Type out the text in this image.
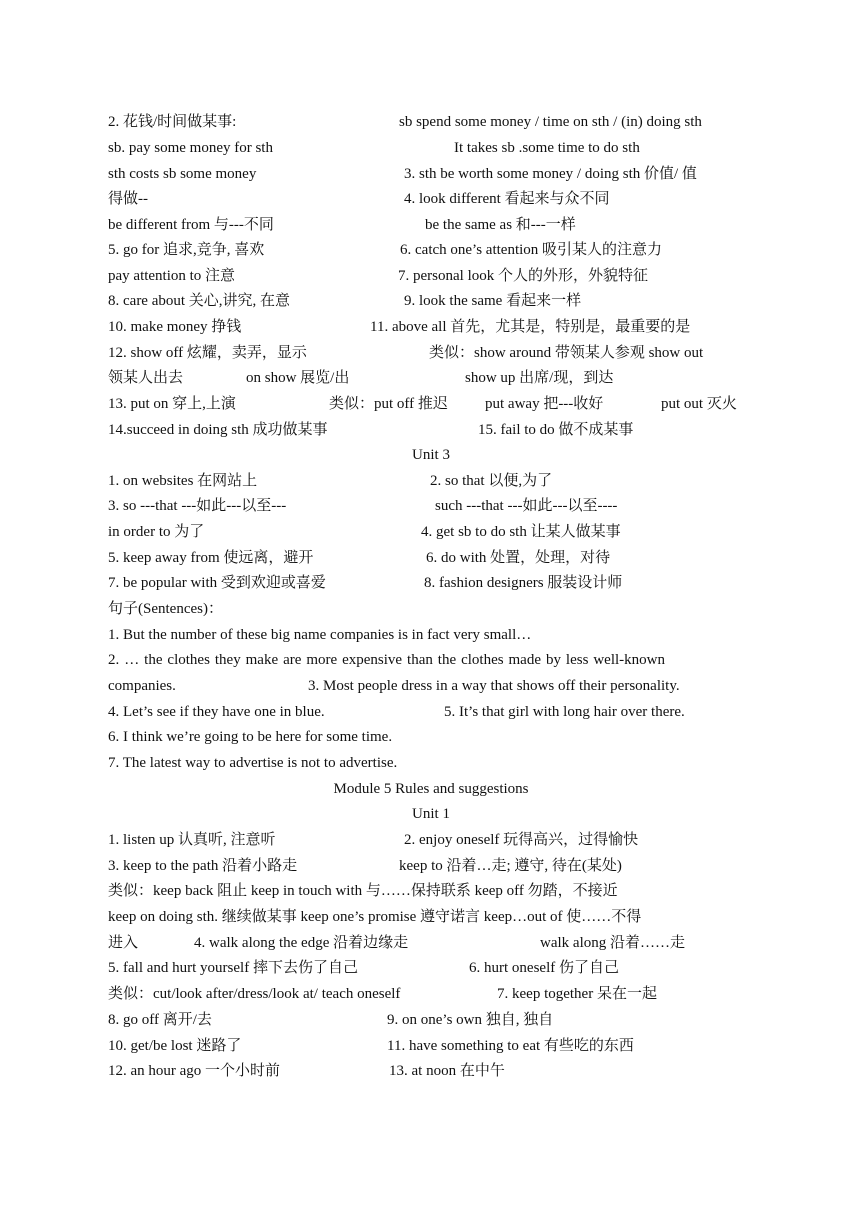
2. 花钱/时间做某事:	sb spend some money / time on sth / (in) doing sth
sb. pay some money for sth	It takes sb .some time to do sth
sth costs sb some money	3. sth be worth some money / doing sth 价值/ 值
得做--	4. look different 看起来与众不同
be different from 与---不同	be the same as 和---一样
5. go for 追求,竞争, 喜欢	6. catch one’s attention 吸引某人的注意力
pay attention to 注意	7. personal look 个人的外形，外貌特征
8. care about 关心,讲究, 在意	9. look the same 看起来一样
10. make money 挣钱	11. above all 首先，尤其是，特别是，最重要的是
12. show off 炫耀，卖弄，显示	类似：show around 带领某人参观 show out
领某人出去	on show 展览/出	show up 出席/现，到达
13. put on 穿上,上演	类似：put off 推迟 put away 把---收好	put out 灭火
14.succeed in doing sth 成功做某事	15. fail to do 做不成某事
Unit 3
1. on websites 在网站上	2. so that 以便,为了
3. so ---that ---如此---以至---	such ---that ---如此---以至----
in order to 为了	4. get sb to do sth 让某人做某事
5. keep away from 使远离，避开	6. do with 处置，处理，对待
7. be popular with 受到欢迎或喜爱	8. fashion designers 服装设计师
句子(Sentences)：
1. But the number of these big name companies is in fact very small…
2. … the clothes they make are more expensive than the clothes made by less well-known
companies.	3. Most people dress in a way that shows off their personality.
4. Let’s see if they have one in blue.	5. It’s that girl with long hair over there.
6. I think we’re going to be here for some time.
7. The latest way to advertise is not to advertise.
Module 5 Rules and suggestions
Unit 1
1. listen up 认真听, 注意听	2. enjoy oneself 玩得高兴，过得愉快
3. keep to the path 沿着小路走	keep to 沿着…走; 遵守, 待在(某处)
类似：keep back 阻止 keep in touch with 与……保持联系 keep off 勿踏，不接近
keep on doing sth. 继续做某事 keep one’s promise 遵守诺言 keep…out of 使……不得
进入	4. walk along the edge 沿着边缘走	walk along 沿着……走
5. fall and hurt yourself 摔下去伤了自己	6. hurt oneself 伤了自己
类似：cut/look after/dress/look at/ teach oneself	7. keep together 呆在一起
8. go off 离开/去	9. on one’s own 独自, 独自
10. get/be lost 迷路了	11. have something to eat 有些吃的东西
12. an hour ago 一个小时前	13. at noon 在中午
